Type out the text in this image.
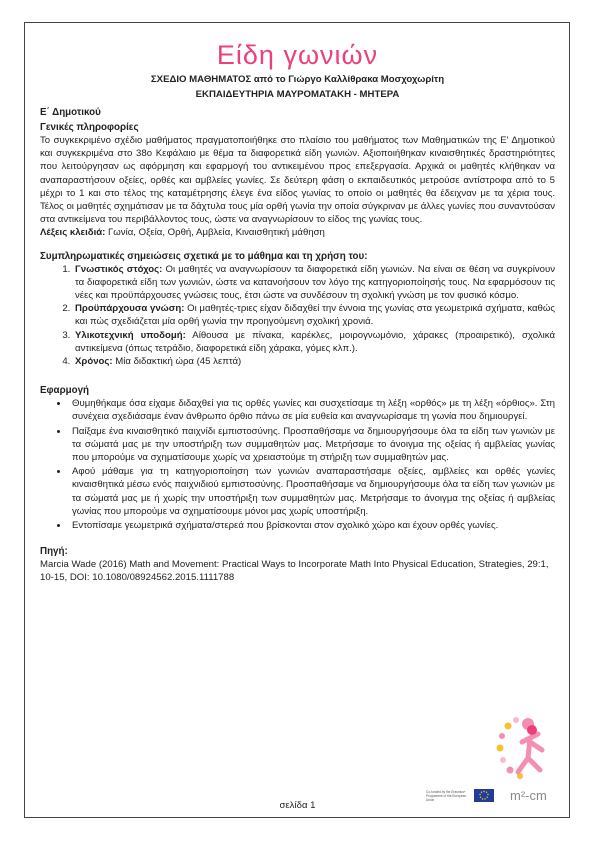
Είδη γωνιών
ΣΧΕΔΙΟ ΜΑΘΗΜΑΤΟΣ από το Γιώργο Καλλίθρακα Μοσχοχωρίτη
ΕΚΠΑΙΔΕΥΤΗΡΙΑ ΜΑΥΡΟΜΑΤΑΚΗ - ΜΗΤΕΡΑ
Ε΄ Δημοτικού
Γενικές πληροφορίες

Το συγκεκριμένο σχέδιο μαθήματος πραγματοποιήθηκε στο πλαίσιο του μαθήματος των Μαθηματικών της Ε' Δημοτικού και συγκεκριμένα στο 38ο Κεφάλαιο με θέμα τα διαφορετικά είδη γωνιών. Αξιοποιήθηκαν κιναισθητικές δραστηριότητες που λειτούργησαν ως αφόρμηση και εφαρμογή του αντικειμένου προς επεξεργασία. Αρχικά οι μαθητές κλήθηκαν να αναπαραστήσουν οξείες, ορθές και αμβλείες γωνίες. Σε δεύτερη φάση ο εκπαιδευτικός μετρούσε αντίστροφα από το 5 μέχρι το 1 και στο τέλος της καταμέτρησης έλεγε ένα είδος γωνίας το οποίο οι μαθητές θα έδειχναν με τα χέρια τους. Τέλος οι μαθητές σχημάτισαν με τα δάχτυλα τους μία ορθή γωνία την οποία σύγκριναν με άλλες γωνίες που συναντούσαν στα αντικείμενα του περιβάλλοντος τους, ώστε να αναγνωρίσουν το είδος της γωνίας τους.

Λέξεις κλειδιά: Γωνία, Οξεία, Ορθή, Αμβλεία, Κιναισθητική μάθηση

Συμπληρωματικές σημειώσεις σχετικά με το μάθημα και τη χρήση του:
1. Γνωστικός στόχος: Οι μαθητές να αναγνωρίσουν τα διαφορετικά είδη γωνιών. Να είναι σε θέση να συγκρίνουν τα διαφορετικά είδη των γωνιών, ώστε να κατανοήσουν τον λόγο της κατηγοριοποίησής τους. Να εφαρμόσουν τις νέες και προϋπάρχουσες γνώσεις τους, έτσι ώστε να συνδέσουν τη σχολική γνώση με τον φυσικό κόσμο.
2. Προϋπάρχουσα γνώση: Οι μαθητές-τριες είχαν διδαχθεί την έννοια της γωνίας στα γεωμετρικά σχήματα, καθώς και πώς σχεδιάζεται μία ορθή γωνία την προηγούμενη σχολική χρονιά.
3. Υλικοτεχνική υποδομή: Αίθουσα με πίνακα, καρέκλες, μοιρογνωμόνιο, χάρακες (προαιρετικό), σχολικά αντικείμενα (όπως τετράδιο, διαφορετικά είδη χάρακα, γόμες κλπ.).
4. Χρόνος: Μία διδακτική ώρα (45 λεπτά)
Εφαρμογή
• Θυμηθήκαμε όσα είχαμε διδαχθεί για τις ορθές γωνίες και συσχετίσαμε τη λέξη «ορθός» με τη λέξη «όρθιος». Στη συνέχεια σχεδιάσαμε έναν άνθρωπο όρθιο πάνω σε μία ευθεία και αναγνωρίσαμε τη γωνία που δημιουργεί.
• Παίξαμε ένα κιναισθητικό παιχνίδι εμπιστοσύνης. Προσπαθήσαμε να δημιουργήσουμε όλα τα είδη των γωνιών με τα σώματά μας με την υποστήριξη των συμμαθητών μας. Μετρήσαμε το άνοιγμα της οξείας ή αμβλείας γωνίας που μπορούμε να σχηματίσουμε χωρίς να χρειαστούμε τη στήριξη των συμμαθητών μας.
• Αφού μάθαμε για τη κατηγοριοποίηση των γωνιών αναπαραστήσαμε οξείες, αμβλείες και ορθές γωνίες κιναισθητικά μέσω ενός παιχνιδιού εμπιστοσύνης. Προσπαθήσαμε να δημιουργήσουμε όλα τα είδη των γωνιών με τα σώματά μας με ή χωρίς την υποστήριξη των συμμαθητών μας. Μετρήσαμε το άνοιγμα της οξείας ή αμβλείας γωνίας που μπορούμε να σχηματίσουμε μόνοι μας χωρίς υποστήριξη.
• Εντοπίσαμε γεωμετρικά σχήματα/στερεά που βρίσκονται στον σχολικό χώρο και έχουν ορθές γωνίες.
Πηγή:

Marcia Wade (2016) Math and Movement: Practical Ways to Incorporate Math Into Physical Education, Strategies, 29:1, 10-15, DOI: 10.1080/08924562.2015.1111788

Co-funded by the Erasmus+ Programme of the European Union	m²-cm
σελίδα 1
